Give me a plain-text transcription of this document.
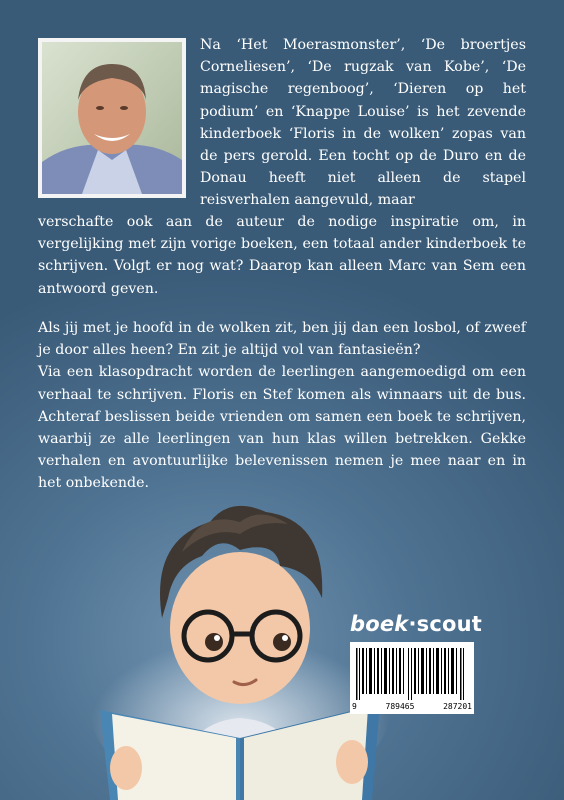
Na ‘Het Moerasmonster’, ‘De broertjes Corneliesen’, ‘De rugzak van Kobe’, ‘De magische regenboog’, ‘Dieren op het podium’ en ‘Knappe Louise’ is het zevende kinderboek ‘Floris in de wolken’ zopas van de pers gerold. Een tocht op de Duro en de Donau heeft niet alleen de stapel reisverhalen aangevuld, maar
verschafte ook aan de auteur de nodige inspiratie om, in vergelijking met zijn vorige boeken, een totaal ander kinderboek te schrijven. Volgt er nog wat? Daarop kan alleen Marc van Sem een antwoord geven.

Als jij met je hoofd in de wolken zit, ben jij dan een losbol, of zweef je door alles heen? En zit je altijd vol van fantasieën?

Via een klasopdracht worden de leerlingen aangemoedigd om een verhaal te schrijven. Floris en Stef komen als winnaars uit de bus. Achteraf beslissen beide vrienden om samen een boek te schrijven, waarbij ze alle leerlingen van hun klas willen betrekken. Gekke verhalen en avontuurlijke belevenissen nemen je mee naar en in het onbekende.

boek·scout
9	789465	287201
